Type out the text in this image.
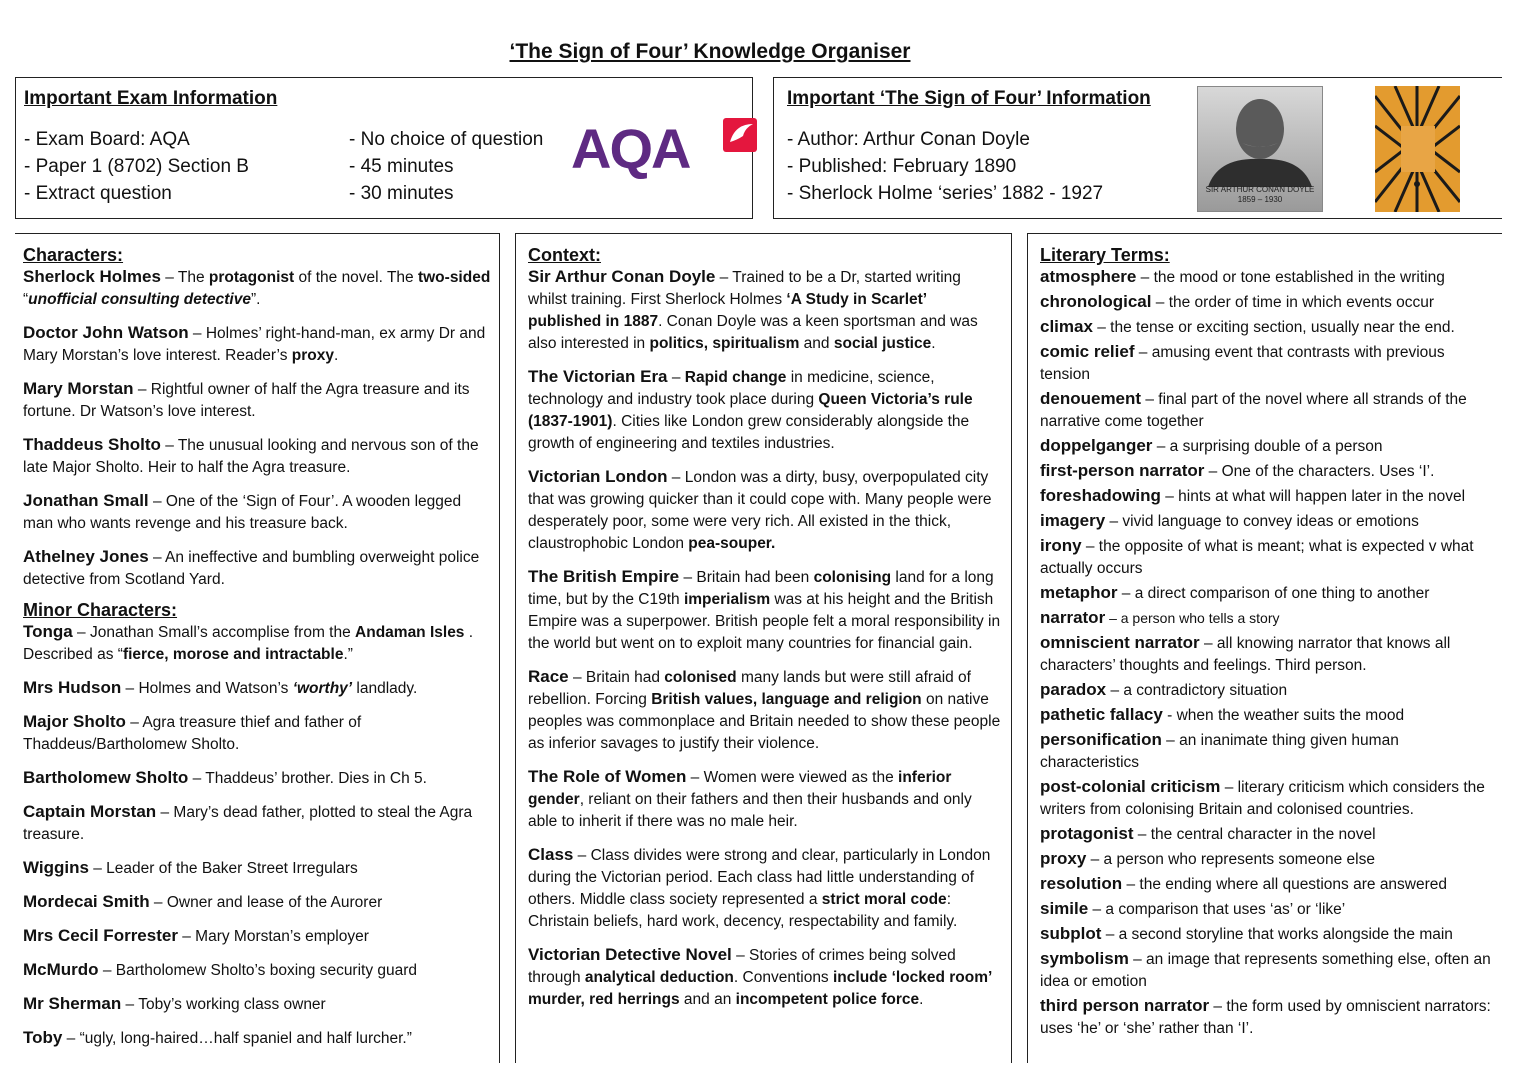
‘The Sign of Four’ Knowledge Organiser

Important Exam Information

- Exam Board: AQA
- Paper 1 (8702) Section B
- Extract question
- No choice of question
- 45 minutes
- 30 minutes
AQA

Important ‘The Sign of Four’ Information

- Author: Arthur Conan Doyle
- Published: February 1890
- Sherlock Holme ‘series’ 1882 - 1927	SIR ARTHUR CONAN DOYLE
1859 – 1930
Characters:
Sherlock Holmes – The protagonist of the novel. The two-sided “unofficial consulting detective”.
Doctor John Watson – Holmes’ right-hand-man, ex army Dr and Mary Morstan’s love interest. Reader’s proxy.
Mary Morstan – Rightful owner of half the Agra treasure and its fortune. Dr Watson’s love interest.
Thaddeus Sholto – The unusual looking and nervous son of the late Major Sholto. Heir to half the Agra treasure.
Jonathan Small – One of the ‘Sign of Four’. A wooden legged man who wants revenge and his treasure back.
Athelney Jones – An ineffective and bumbling overweight police detective from Scotland Yard.
Minor Characters:
Tonga – Jonathan Small’s accomplise from the Andaman Isles . Described as “fierce, morose and intractable.”
Mrs Hudson – Holmes and Watson’s ‘worthy’ landlady.
Major Sholto – Agra treasure thief and father of Thaddeus/Bartholomew Sholto.
Bartholomew Sholto – Thaddeus’ brother. Dies in Ch 5.
Captain Morstan – Mary’s dead father, plotted to steal the Agra treasure.
Wiggins – Leader of the Baker Street Irregulars
Mordecai Smith – Owner and lease of the Aurorer
Mrs Cecil Forrester – Mary Morstan’s employer
McMurdo – Bartholomew Sholto’s boxing security guard
Mr Sherman – Toby’s working class owner
Toby – “ugly, long-haired…half spaniel and half lurcher.”
Context:
Sir Arthur Conan Doyle – Trained to be a Dr, started writing whilst training. First Sherlock Holmes ‘A Study in Scarlet’ published in 1887. Conan Doyle was a keen sportsman and was also interested in politics, spiritualism and social justice.
The Victorian Era – Rapid change in medicine, science, technology and industry took place during Queen Victoria’s rule (1837-1901). Cities like London grew considerably alongside the growth of engineering and textiles industries.
Victorian London – London was a dirty, busy, overpopulated city that was growing quicker than it could cope with. Many people were desperately poor, some were very rich. All existed in the thick, claustrophobic London pea-souper.
The British Empire – Britain had been colonising land for a long time, but by the C19th imperialism was at his height and the British Empire was a superpower. British people felt a moral responsibility in the world but went on to exploit many countries for financial gain.
Race – Britain had colonised many lands but were still afraid of rebellion. Forcing British values, language and religion on native peoples was commonplace and Britain needed to show these people as inferior savages to justify their violence.
The Role of Women – Women were viewed as the inferior gender, reliant on their fathers and then their husbands and only able to inherit if there was no male heir.
Class – Class divides were strong and clear, particularly in London during the Victorian period. Each class had little understanding of others. Middle class society represented a strict moral code: Christain beliefs, hard work, decency, respectability and family.
Victorian Detective Novel – Stories of crimes being solved through analytical deduction. Conventions include ‘locked room’ murder, red herrings and an incompetent police force.
Literary Terms:
atmosphere – the mood or tone established in the writing
chronological – the order of time in which events occur
climax – the tense or exciting section, usually near the end.
comic relief – amusing event that contrasts with previous tension
denouement – final part of the novel where all strands of the narrative come together
doppelganger – a surprising double of a person
first-person narrator – One of the characters. Uses ‘I’.
foreshadowing – hints at what will happen later in the novel
imagery – vivid language to convey ideas or emotions
irony – the opposite of what is meant; what is expected v what actually occurs
metaphor – a direct comparison of one thing to another
narrator – a person who tells a story
omniscient narrator – all knowing narrator that knows all characters’ thoughts and feelings. Third person.
paradox – a contradictory situation
pathetic fallacy - when the weather suits the mood
personification – an inanimate thing given human characteristics
post-colonial criticism – literary criticism which considers the writers from colonising Britain and colonised countries.
protagonist – the central character in the novel
proxy – a person who represents someone else
resolution – the ending where all questions are answered
simile – a comparison that uses ‘as’ or ‘like’
subplot – a second storyline that works alongside the main
symbolism – an image that represents something else, often an idea or emotion
third person narrator – the form used by omniscient narrators: uses ‘he’ or ‘she’ rather than ‘I’.
